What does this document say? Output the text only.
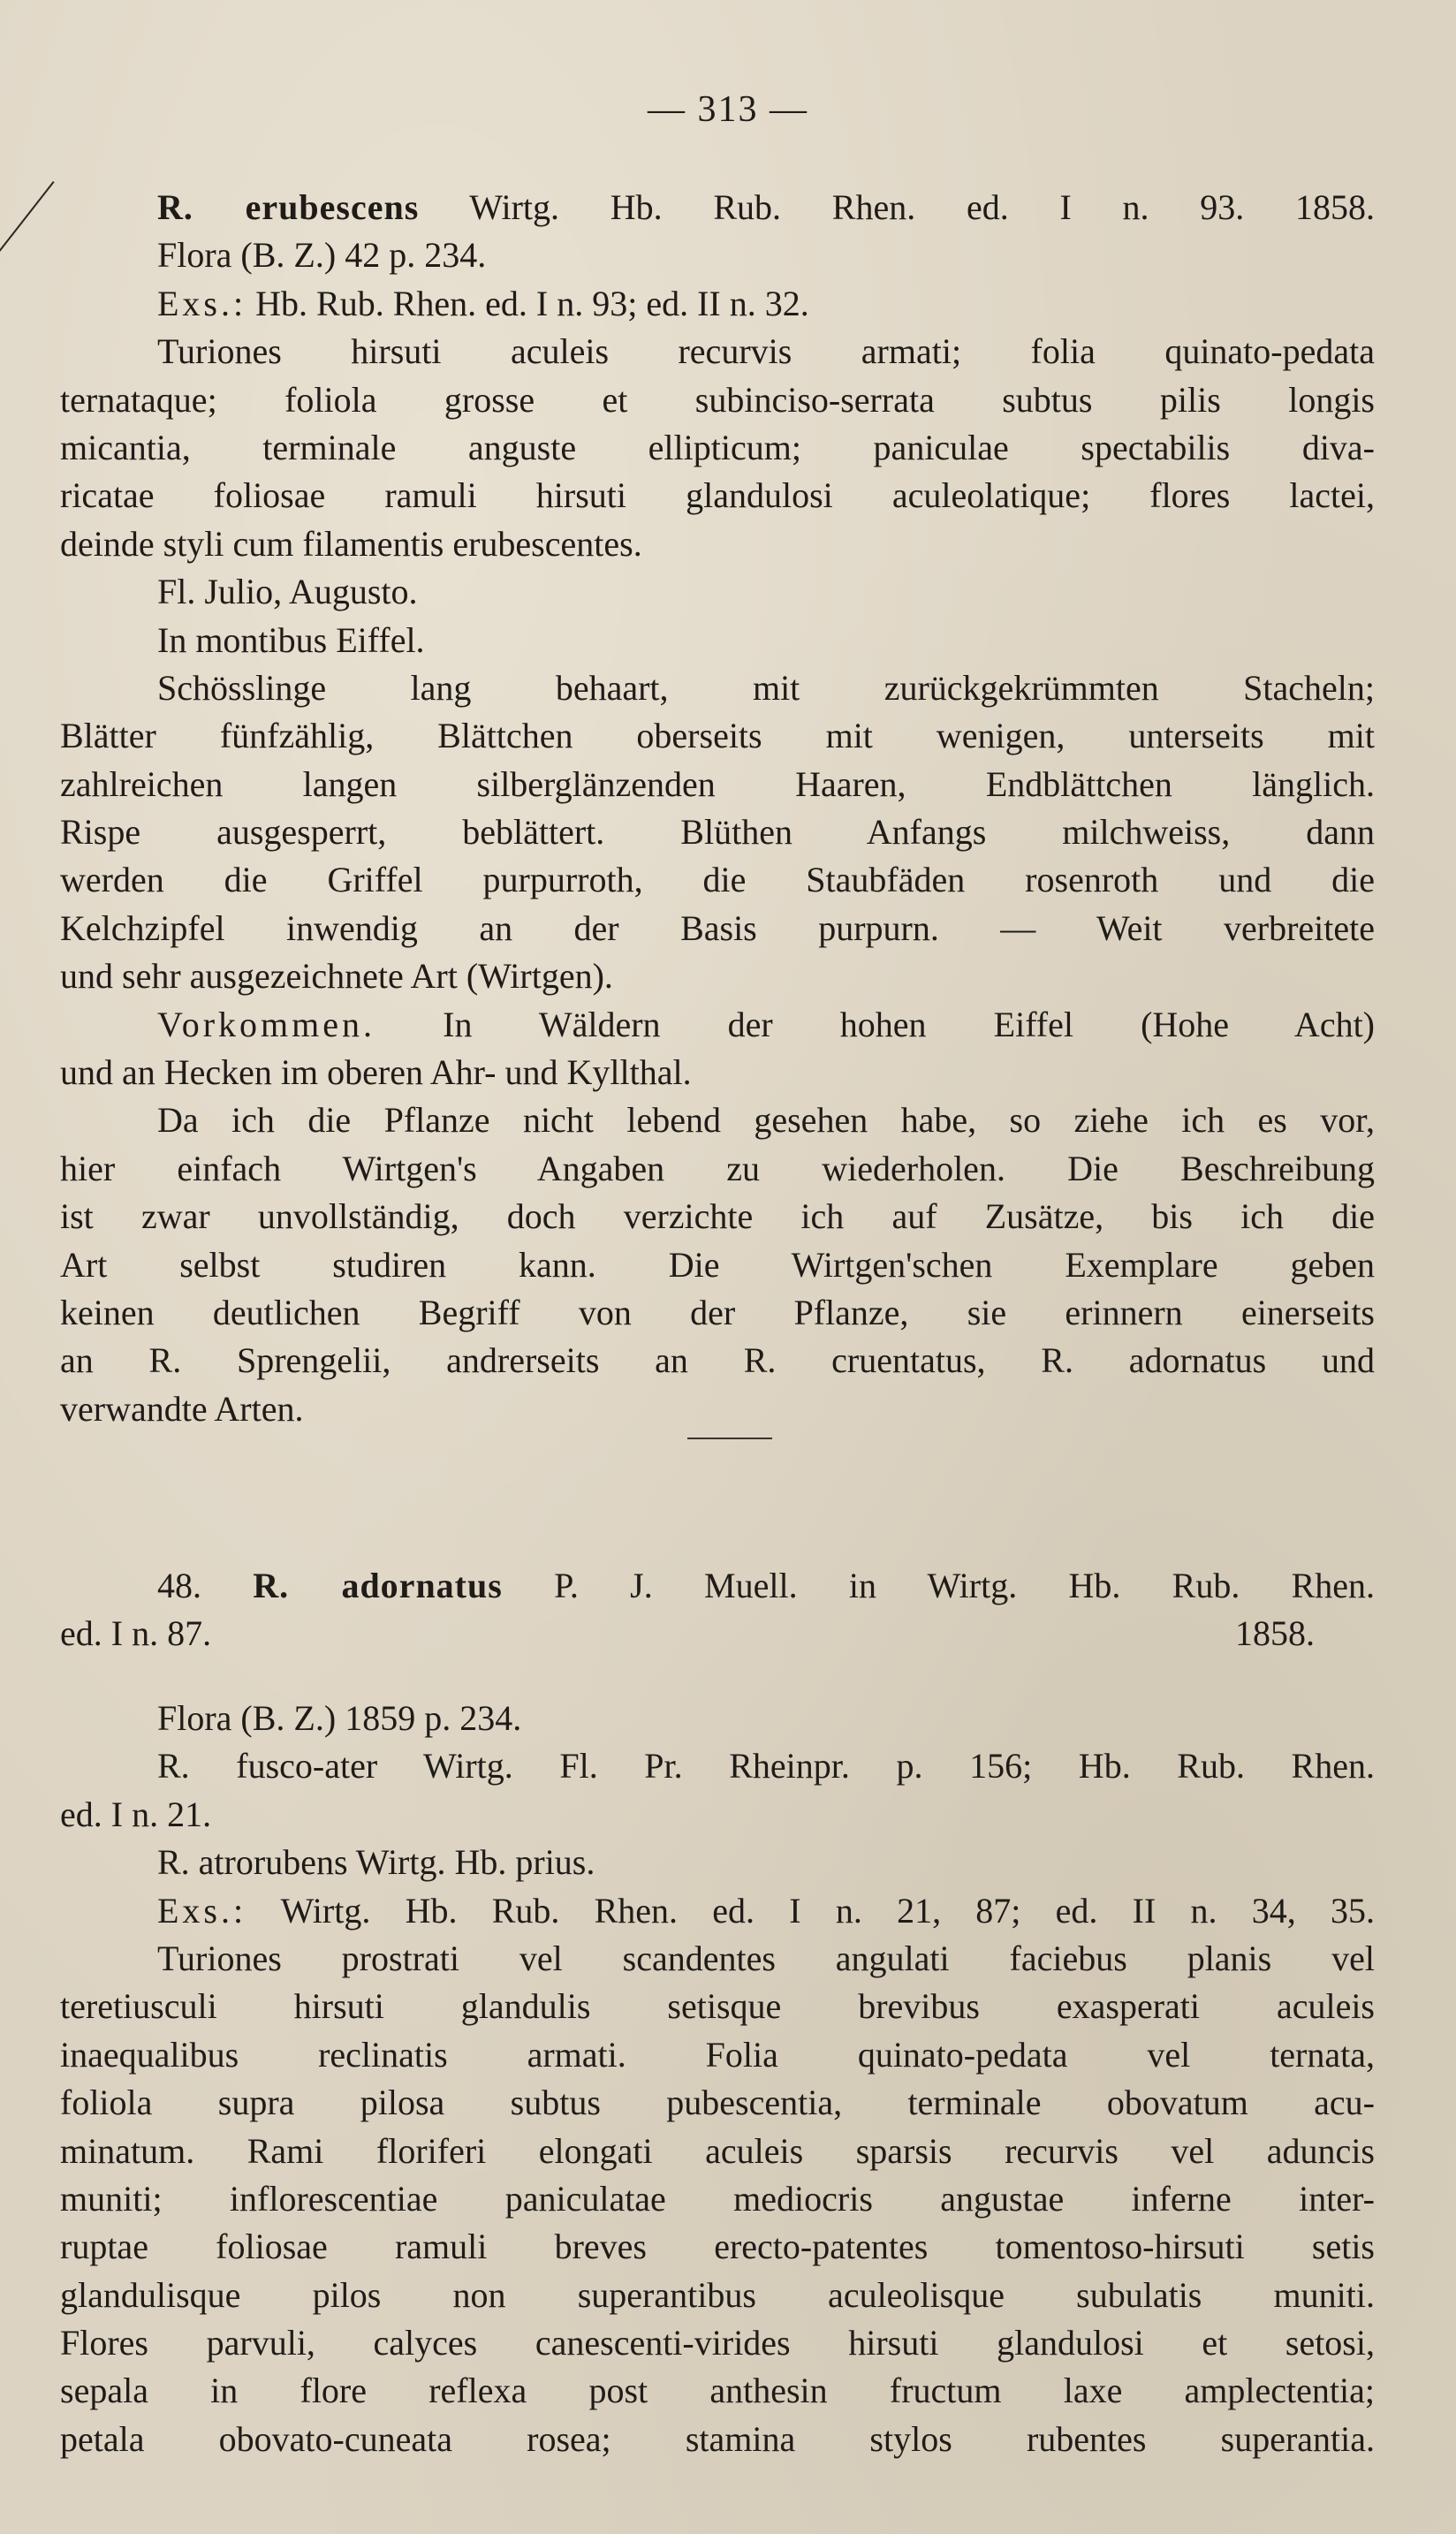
— 313 —
R. erubescens Wirtg. Hb. Rub. Rhen. ed. I n. 93. 1858.
Flora (B. Z.) 42 p. 234.
Exs.: Hb. Rub. Rhen. ed. I n. 93; ed. II n. 32.
Turiones hirsuti aculeis recurvis armati; folia quinato-pedata
ternataque; foliola grosse et subinciso-serrata subtus pilis longis
micantia, terminale anguste ellipticum; paniculae spectabilis diva-
ricatae foliosae ramuli hirsuti glandulosi aculeolatique; flores lactei,
deinde styli cum filamentis erubescentes.
Fl. Julio, Augusto.
In montibus Eiffel.
Schösslinge lang behaart, mit zurückgekrümmten Stacheln;
Blätter fünfzählig, Blättchen oberseits mit wenigen, unterseits mit
zahlreichen langen silberglänzenden Haaren, Endblättchen länglich.
Rispe ausgesperrt, beblättert. Blüthen Anfangs milchweiss, dann
werden die Griffel purpurroth, die Staubfäden rosenroth und die
Kelchzipfel inwendig an der Basis purpurn. — Weit verbreitete
und sehr ausgezeichnete Art (Wirtgen).
Vorkommen. In Wäldern der hohen Eiffel (Hohe Acht)
und an Hecken im oberen Ahr- und Kyllthal.
Da ich die Pflanze nicht lebend gesehen habe, so ziehe ich es vor,
hier einfach Wirtgen's Angaben zu wiederholen. Die Beschreibung
ist zwar unvollständig, doch verzichte ich auf Zusätze, bis ich die
Art selbst studiren kann. Die Wirtgen'schen Exemplare geben
keinen deutlichen Begriff von der Pflanze, sie erinnern einerseits
an R. Sprengelii, andrerseits an R. cruentatus, R. adornatus und
verwandte Arten.
48. R. adornatus P. J. Muell. in Wirtg. Hb. Rub. Rhen.
ed. I n. 87.	1858.
Flora (B. Z.) 1859 p. 234.
R. fusco-ater Wirtg. Fl. Pr. Rheinpr. p. 156; Hb. Rub. Rhen.
ed. I n. 21.
R. atrorubens Wirtg. Hb. prius.
Exs.: Wirtg. Hb. Rub. Rhen. ed. I n. 21, 87; ed. II n. 34, 35.
Turiones prostrati vel scandentes angulati faciebus planis vel
teretiusculi hirsuti glandulis setisque brevibus exasperati aculeis
inaequalibus reclinatis armati. Folia quinato-pedata vel ternata,
foliola supra pilosa subtus pubescentia, terminale obovatum acu-
minatum. Rami floriferi elongati aculeis sparsis recurvis vel aduncis
muniti; inflorescentiae paniculatae mediocris angustae inferne inter-
ruptae foliosae ramuli breves erecto-patentes tomentoso-hirsuti setis
glandulisque pilos non superantibus aculeolisque subulatis muniti.
Flores parvuli, calyces canescenti-virides hirsuti glandulosi et setosi,
sepala in flore reflexa post anthesin fructum laxe amplectentia;
petala obovato-cuneata rosea; stamina stylos rubentes superantia.
